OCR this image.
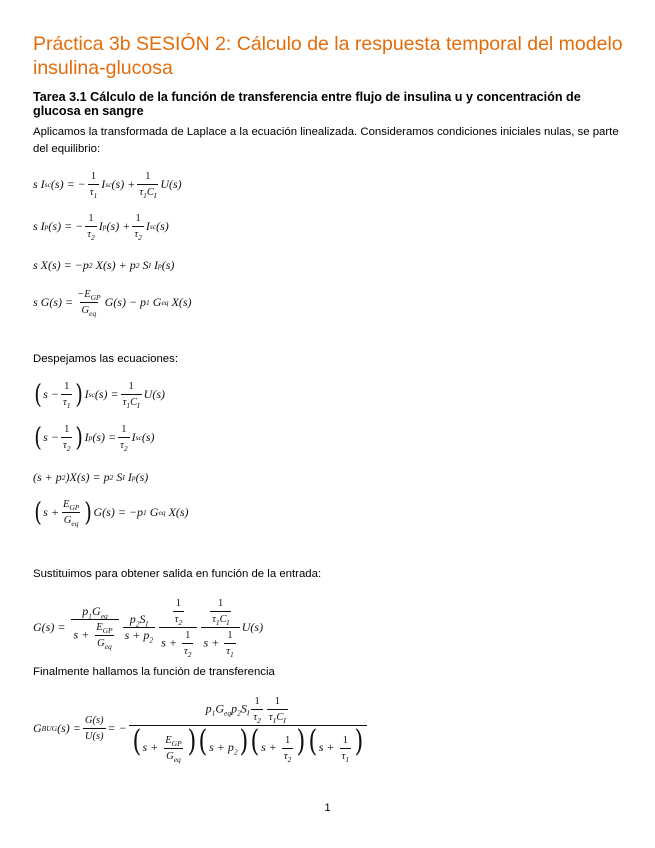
Práctica 3b SESIÓN 2: Cálculo de la respuesta temporal del modelo insulina-glucosa
Tarea 3.1 Cálculo de la función de transferencia entre flujo de insulina u y concentración de glucosa en sangre

Aplicamos la transformada de Laplace a la ecuación linealizada. Consideramos condiciones iniciales nulas, se parte del equilibrio:

s I sc (s) = − $\frac{1}{\tau_1}$ I sc $(s) + \frac{1}{\tau_1C_I} U(s)$
s I p (s) = − $\frac{1}{\tau_2}$ I p $(s) + \frac{1}{\tau_2}$ I sc (s)
s X(s) = −p 2 X(s) + p 2 S I I p (s)
s $G(s) = \frac{-E_{GP}}{G_{eq}} G(s) - p$ 1 G eq X(s)

Despejamos las ecuaciones:

( $s - \frac{1}{\tau_1}$ ) I sc $(s) = \frac{1}{\tau_1C_I} U(s)$
( $s - \frac{1}{\tau_2}$ ) I p $(s) = \frac{1}{\tau_2}$ I sc (s)
(s + p 2 )X(s) = p 2 S I I p (s)
( $s + \frac{E_{GP}}{G_{eq}}$ ) G(s) = −p 1 G eq X(s)

Sustituimos para obtener salida en función de la entrada:

$G(s) = \frac{p_1G_{eq}}{s + \frac{E_{GP}}{G_{eq}}} \frac{p_2S_I}{s + p_2} \frac{\frac{1}{\tau_2}}{s + \frac{1}{\tau_2}} \frac{\frac{1}{\tau_1C_I}}{s + \frac{1}{\tau_1}} U(s)$

Finalmente hallamos la función de transferencia

G BUG $(s) = \frac{G(s)}{U(s)}$ = − $\frac{p_1G_{eq}p_2S_I \frac{1}{\tau_2} \frac{1}{\tau_1C_I}}{(s + \frac{E_{GP}}{G_{eq}} )(s + p_2)(s + \frac{1}{\tau_2} )(s + \frac{1}{\tau_1} )}$
1
